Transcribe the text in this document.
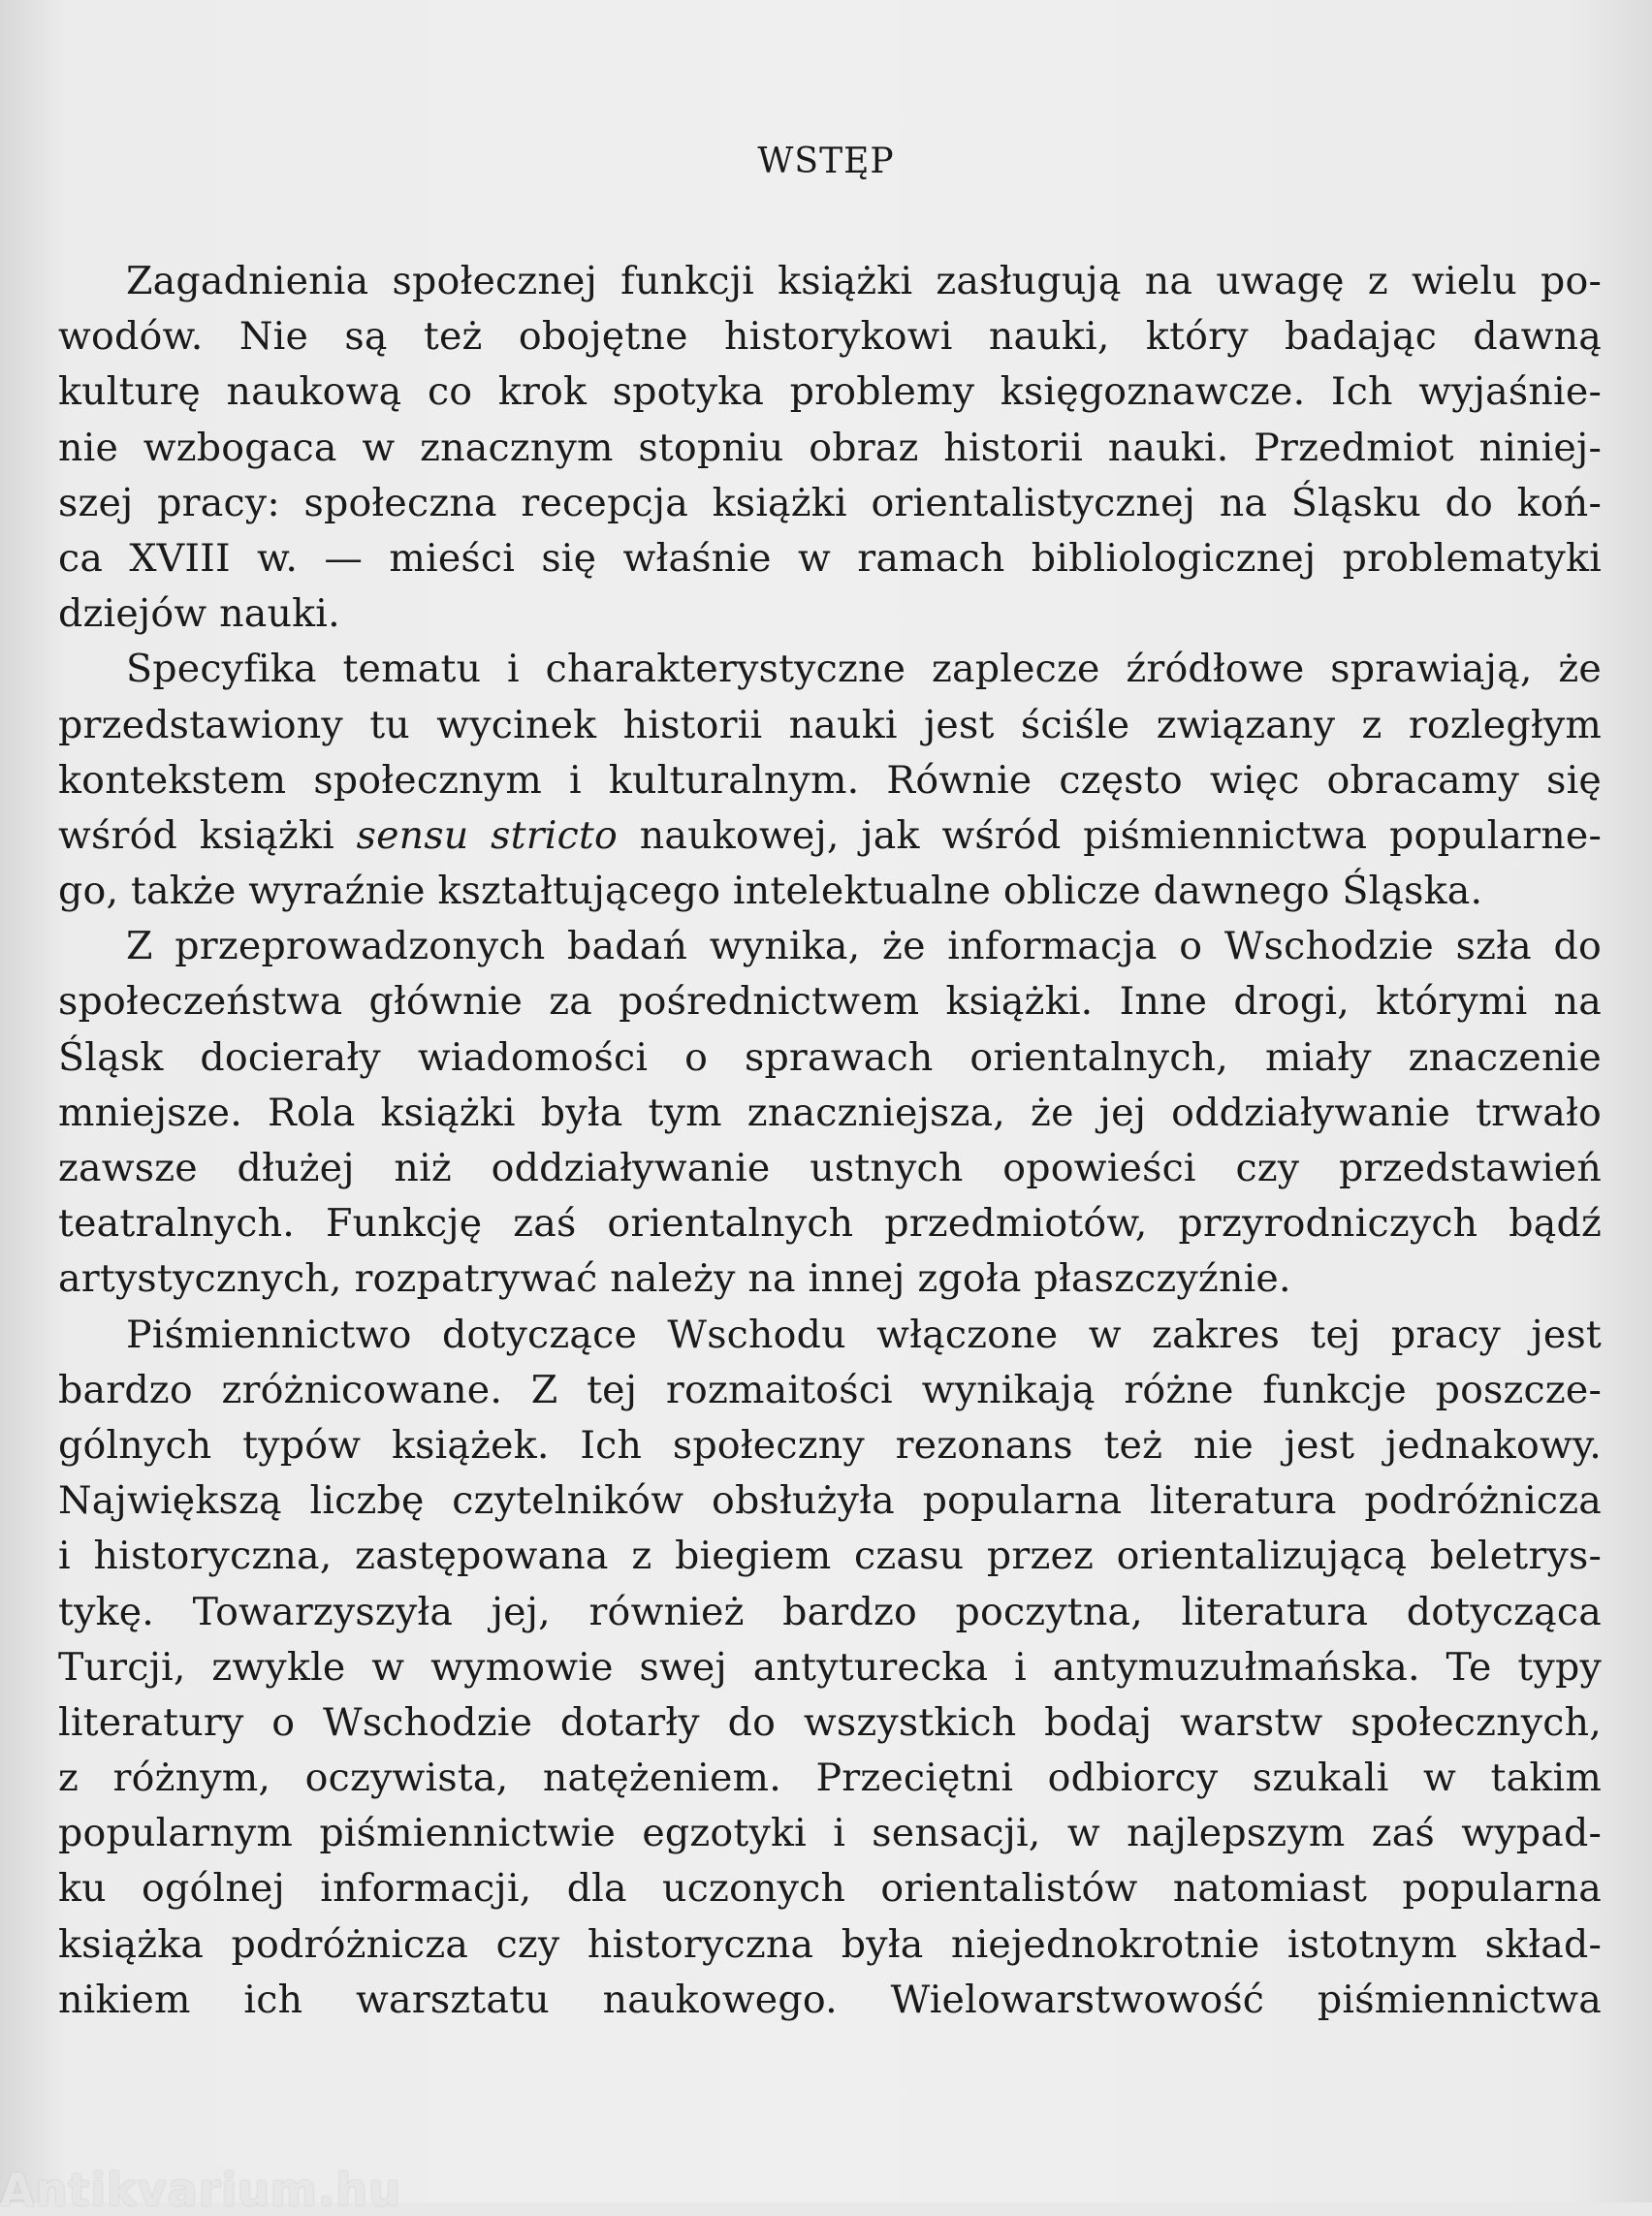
WSTĘP
Zagadnienia społecznej funkcji książki zasługują na uwagę z wielu po-
wodów. Nie są też obojętne historykowi nauki, który badając dawną
kulturę naukową co krok spotyka problemy księgoznawcze. Ich wyjaśnie-
nie wzbogaca w znacznym stopniu obraz historii nauki. Przedmiot niniej-
szej pracy: społeczna recepcja książki orientalistycznej na Śląsku do koń-
ca XVIII w. — mieści się właśnie w ramach bibliologicznej problematyki
dziejów nauki.
Specyfika tematu i charakterystyczne zaplecze źródłowe sprawiają, że
przedstawiony tu wycinek historii nauki jest ściśle związany z rozległym
kontekstem społecznym i kulturalnym. Równie często więc obracamy się
wśród książki sensu stricto naukowej, jak wśród piśmiennictwa popularne-
go, także wyraźnie kształtującego intelektualne oblicze dawnego Śląska.
Z przeprowadzonych badań wynika, że informacja o Wschodzie szła do
społeczeństwa głównie za pośrednictwem książki. Inne drogi, którymi na
Śląsk docierały wiadomości o sprawach orientalnych, miały znaczenie
mniejsze. Rola książki była tym znaczniejsza, że jej oddziaływanie trwało
zawsze dłużej niż oddziaływanie ustnych opowieści czy przedstawień
teatralnych. Funkcję zaś orientalnych przedmiotów, przyrodniczych bądź
artystycznych, rozpatrywać należy na innej zgoła płaszczyźnie.
Piśmiennictwo dotyczące Wschodu włączone w zakres tej pracy jest
bardzo zróżnicowane. Z tej rozmaitości wynikają różne funkcje poszcze-
gólnych typów książek. Ich społeczny rezonans też nie jest jednakowy.
Największą liczbę czytelników obsłużyła popularna literatura podróżnicza
i historyczna, zastępowana z biegiem czasu przez orientalizującą beletrys-
tykę. Towarzyszyła jej, również bardzo poczytna, literatura dotycząca
Turcji, zwykle w wymowie swej antyturecka i antymuzułmańska. Te typy
literatury o Wschodzie dotarły do wszystkich bodaj warstw społecznych,
z różnym, oczywista, natężeniem. Przeciętni odbiorcy szukali w takim
popularnym piśmiennictwie egzotyki i sensacji, w najlepszym zaś wypad-
ku ogólnej informacji, dla uczonych orientalistów natomiast popularna
książka podróżnicza czy historyczna była niejednokrotnie istotnym skład-
nikiem ich warsztatu naukowego. Wielowarstwowość piśmiennictwa
Antikvarium.hu
